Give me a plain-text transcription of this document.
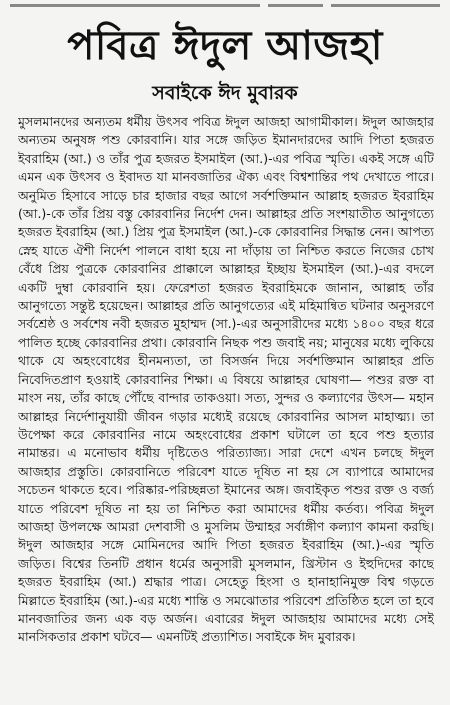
পবিত্র ঈদুল আজহা
সবাইকে ঈদ মুবারক

মুসলমানদের অন্যতম ধর্মীয় উৎসব পবিত্র ঈদুল আজহা আগামীকাল। ঈদুল আজহার অন্যতম অনুষঙ্গ পশু কোরবানি। যার সঙ্গে জড়িত ইমানদারদের আদি পিতা হজরত ইবরাহিম (আ.) ও তাঁর পুত্র হজরত ইসমাইল (আ.)-এর পবিত্র স্মৃতি। একই সঙ্গে এটি এমন এক উৎসব ও ইবাদত যা মানবজাতির ঐক্য এবং বিশ্বশান্তির পথ দেখাতে পারে। অনুমিত হিসাবে সাড়ে চার হাজার বছর আগে সর্বশক্তিমান আল্লাহ হজরত ইবরাহিম (আ.)-কে তাঁর প্রিয় বস্তু কোরবানির নির্দেশ দেন। আল্লাহর প্রতি সংশয়াতীত আনুগত্যে হজরত ইবরাহিম (আ.) প্রিয় পুত্র ইসমাইল (আ.)-কে কোরবানির সিদ্ধান্ত নেন। আপত্য স্নেহ যাতে ঐশী নির্দেশ পালনে বাধা হয়ে না দাঁড়ায় তা নিশ্চিত করতে নিজের চোখ বেঁধে প্রিয় পুত্রকে কোরবানির প্রাক্কালে আল্লাহর ইচ্ছায় ইসমাইল (আ.)-এর বদলে একটি দুম্বা কোরবানি হয়। ফেরেশতা হজরত ইবরাহিমকে জানান, আল্লাহ তাঁর আনুগত্যে সন্তুষ্ট হয়েছেন। আল্লাহর প্রতি আনুগত্যের এই মহিমান্বিত ঘটনার অনুসরণে সর্বশ্রেষ্ঠ ও সর্বশেষ নবী হজরত মুহাম্মদ (সা.)-এর অনুসারীদের মধ্যে ১৪০০ বছর ধরে পালিত হচ্ছে কোরবানির প্রথা। কোরবানি নিছক পশু জবাই নয়; মানুষের মধ্যে লুকিয়ে থাকে যে অহংবোধের হীনমন্যতা, তা বিসর্জন দিয়ে সর্বশক্তিমান আল্লাহর প্রতি নিবেদিতপ্রাণ হওয়াই কোরবানির শিক্ষা। এ বিষয়ে আল্লাহর ঘোষণা— পশুর রক্ত বা মাংস নয়, তাঁর কাছে পৌঁছে বান্দার তাকওয়া। সত্য, সুন্দর ও কল্যাণের উৎস— মহান আল্লাহর নির্দেশানুযায়ী জীবন গড়ার মধ্যেই রয়েছে কোরবানির আসল মাহাত্ম্য। তা উপেক্ষা করে কোরবানির নামে অহংবোধের প্রকাশ ঘটালে তা হবে পশু হত্যার নামান্তর। এ মনোভাব ধর্মীয় দৃষ্টিতেও পরিত্যাজ্য। সারা দেশে এখন চলছে ঈদুল আজহার প্রস্তুতি। কোরবানিতে পরিবেশ যাতে দূষিত না হয় সে ব্যাপারে আমাদের সচেতন থাকতে হবে। পরিষ্কার-পরিচ্ছন্নতা ইমানের অঙ্গ। জবাইকৃত পশুর রক্ত ও বর্জ্য যাতে পরিবেশ দূষিত না হয় তা নিশ্চিত করা আমাদের ধর্মীয় কর্তব্য। পবিত্র ঈদুল আজহা উপলক্ষে আমরা দেশবাসী ও মুসলিম উম্মাহর সর্বাঙ্গীণ কল্যাণ কামনা করছি। ঈদুল আজহার সঙ্গে মোমিনদের আদি পিতা হজরত ইবরাহিম (আ.)-এর স্মৃতি জড়িত। বিশ্বের তিনটি প্রধান ধর্মের অনুসারী মুসলমান, খ্রিস্টান ও ইহুদিদের কাছে হজরত ইবরাহিম (আ.) শ্রদ্ধার পাত্র। সেহেতু হিংসা ও হানাহানিমুক্ত বিশ্ব গড়তে মিল্লাতে ইবরাহিম (আ.)-এর মধ্যে শান্তি ও সমঝোতার পরিবেশ প্রতিষ্ঠিত হলে তা হবে মানবজাতির জন্য এক বড় অর্জন। এবারের ঈদুল আজহায় আমাদের মধ্যে সেই মানসিকতার প্রকাশ ঘটবে— এমনটিই প্রত্যাশিত। সবাইকে ঈদ মুবারক।
